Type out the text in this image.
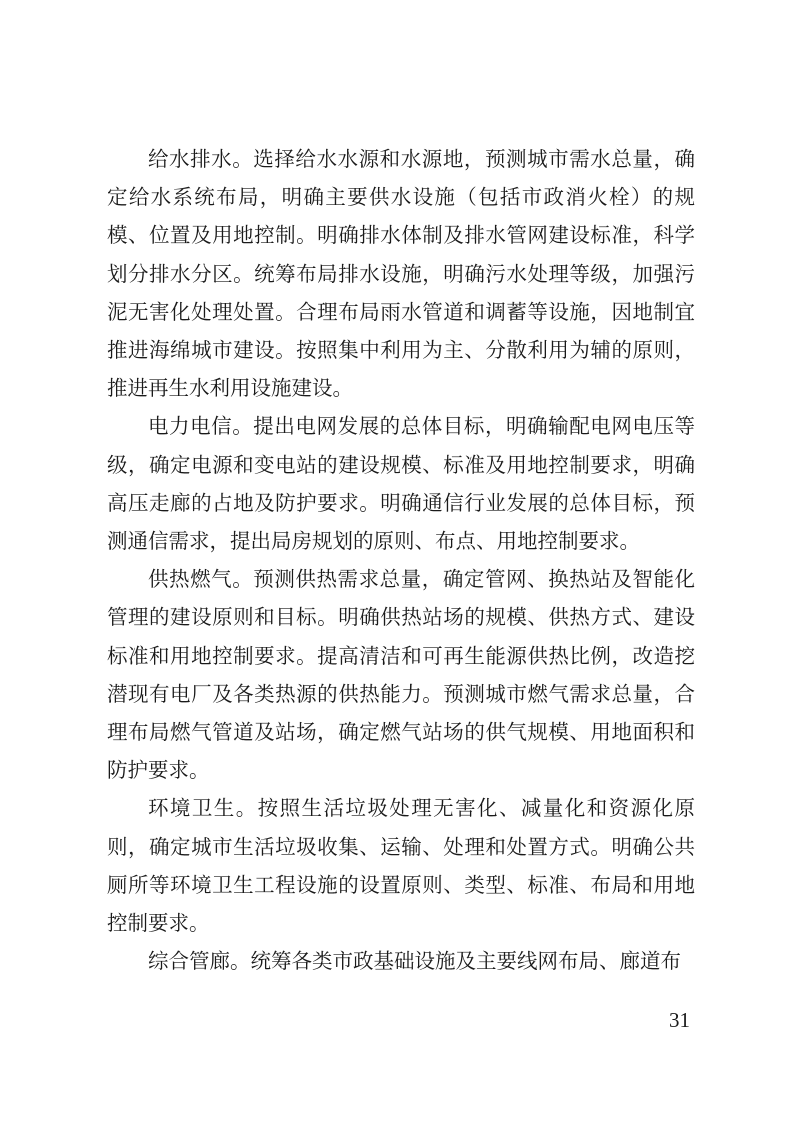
给水排水。选择给水水源和水源地，预测城市需水总量，确定给水系统布局，明确主要供水设施（包括市政消火栓）的规模、位置及用地控制。明确排水体制及排水管网建设标准，科学划分排水分区。统筹布局排水设施，明确污水处理等级，加强污泥无害化处理处置。合理布局雨水管道和调蓄等设施，因地制宜推进海绵城市建设。按照集中利用为主、分散利用为辅的原则，推进再生水利用设施建设。

电力电信。提出电网发展的总体目标，明确输配电网电压等级，确定电源和变电站的建设规模、标准及用地控制要求，明确高压走廊的占地及防护要求。明确通信行业发展的总体目标，预测通信需求，提出局房规划的原则、布点、用地控制要求。

供热燃气。预测供热需求总量，确定管网、换热站及智能化管理的建设原则和目标。明确供热站场的规模、供热方式、建设标准和用地控制要求。提高清洁和可再生能源供热比例，改造挖潜现有电厂及各类热源的供热能力。预测城市燃气需求总量，合理布局燃气管道及站场，确定燃气站场的供气规模、用地面积和防护要求。

环境卫生。按照生活垃圾处理无害化、减量化和资源化原则，确定城市生活垃圾收集、运输、处理和处置方式。明确公共厕所等环境卫生工程设施的设置原则、类型、标准、布局和用地控制要求。

综合管廊。统筹各类市政基础设施及主要线网布局、廊道布

31
